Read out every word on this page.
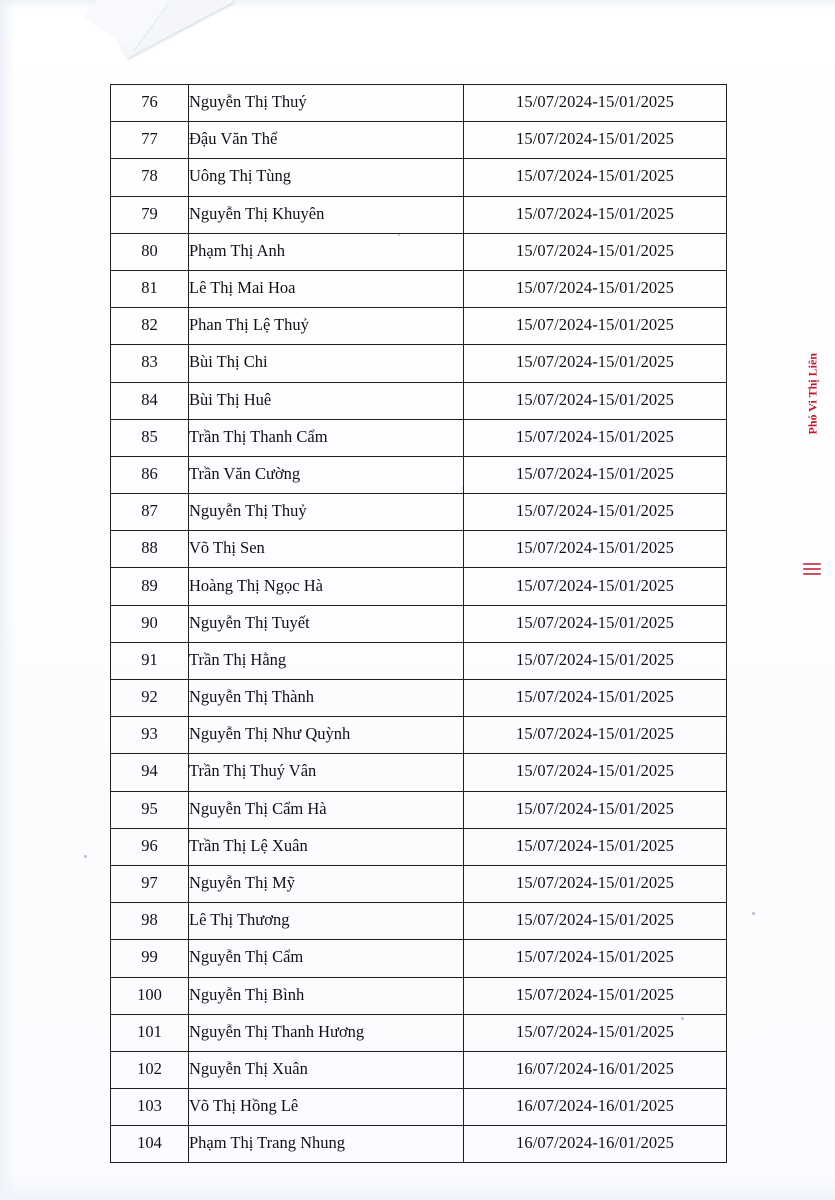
76	Nguyễn Thị Thuý	15/07/2024-15/01/2025
77	Đậu Văn Thể	15/07/2024-15/01/2025
78	Uông Thị Tùng	15/07/2024-15/01/2025
79	Nguyễn Thị Khuyên	15/07/2024-15/01/2025
80	Phạm Thị Anh	15/07/2024-15/01/2025
81	Lê Thị Mai Hoa	15/07/2024-15/01/2025
82	Phan Thị Lệ Thuỷ	15/07/2024-15/01/2025
83	Bùi Thị Chi	15/07/2024-15/01/2025
84	Bùi Thị Huê	15/07/2024-15/01/2025
85	Trần Thị Thanh Cẩm	15/07/2024-15/01/2025
86	Trần Văn Cường	15/07/2024-15/01/2025
87	Nguyễn Thị Thuỷ	15/07/2024-15/01/2025
88	Võ Thị Sen	15/07/2024-15/01/2025
89	Hoàng Thị Ngọc Hà	15/07/2024-15/01/2025
90	Nguyễn Thị Tuyết	15/07/2024-15/01/2025
91	Trần Thị Hằng	15/07/2024-15/01/2025
92	Nguyễn Thị Thành	15/07/2024-15/01/2025
93	Nguyễn Thị Như Quỳnh	15/07/2024-15/01/2025
94	Trần Thị Thuý Vân	15/07/2024-15/01/2025
95	Nguyễn Thị Cẩm Hà	15/07/2024-15/01/2025
96	Trần Thị Lệ Xuân	15/07/2024-15/01/2025
97	Nguyễn Thị Mỹ	15/07/2024-15/01/2025
98	Lê Thị Thương	15/07/2024-15/01/2025
99	Nguyễn Thị Cẩm	15/07/2024-15/01/2025
100	Nguyễn Thị Bình	15/07/2024-15/01/2025
101	Nguyễn Thị Thanh Hương	15/07/2024-15/01/2025
102	Nguyễn Thị Xuân	16/07/2024-16/01/2025
103	Võ Thị Hồng Lê	16/07/2024-16/01/2025
104	Phạm Thị Trang Nhung	16/07/2024-16/01/2025
